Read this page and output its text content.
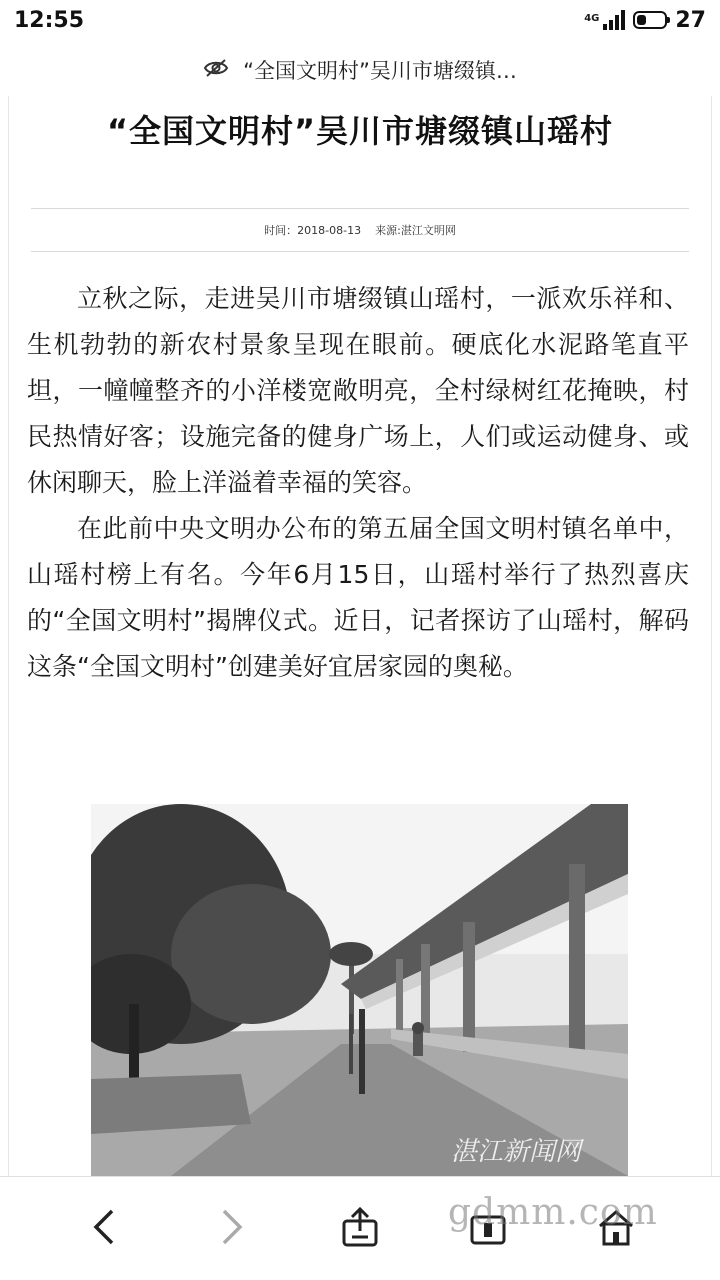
12:55	4G	27
“全国文明村”吴川市塘缀镇…
“全国文明村”吴川市塘缀镇山瑶村
时间：2018-08-13 来源:湛江文明网

立秋之际，走进吴川市塘缀镇山瑶村，一派欢乐祥和、生机勃勃的新农村景象呈现在眼前。硬底化水泥路笔直平坦，一幢幢整齐的小洋楼宽敞明亮，全村绿树红花掩映，村民热情好客；设施完备的健身广场上，人们或运动健身、或休闲聊天，脸上洋溢着幸福的笑容。

在此前中央文明办公布的第五届全国文明村镇名单中，山瑶村榜上有名。今年6月15日，山瑶村举行了热烈喜庆的“全国文明村”揭牌仪式。近日，记者探访了山瑶村，解码这条“全国文明村”创建美好宜居家园的奥秘。

湛江新闻网
gdmm.com
